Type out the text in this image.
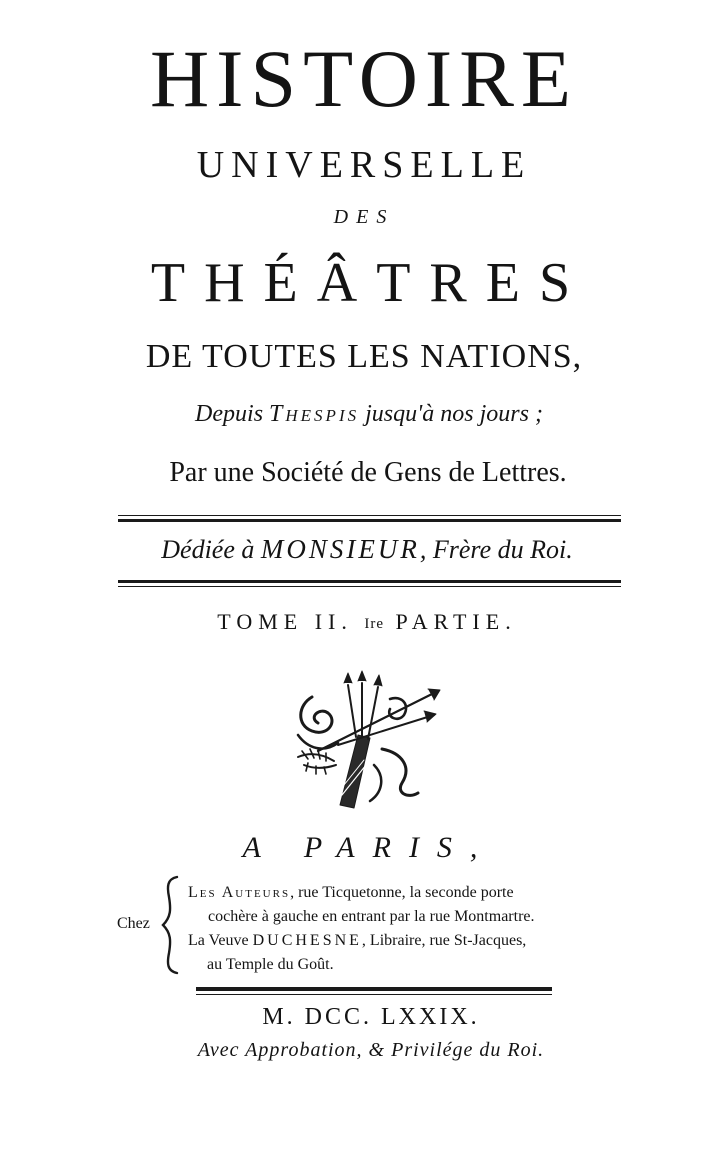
HISTOIRE
UNIVERSELLE
DES
THÉÂTRES
DE TOUTES LES NATIONS,
Depuis Thespis jusqu'à nos jours ;
Par une Société de Gens de Lettres.
Dédiée à MONSIEUR, Frère du Roi.
TOME II. Ire PARTIE.
A PARIS,
Chez
Les Auteurs, rue Ticquetonne, la seconde porte
cochère à gauche en entrant par la rue Montmartre.
La Veuve DUCHESNE, Libraire, rue St-Jacques,
au Temple du Goût.
M. DCC. LXXIX.
Avec Approbation, & Privilége du Roi.
